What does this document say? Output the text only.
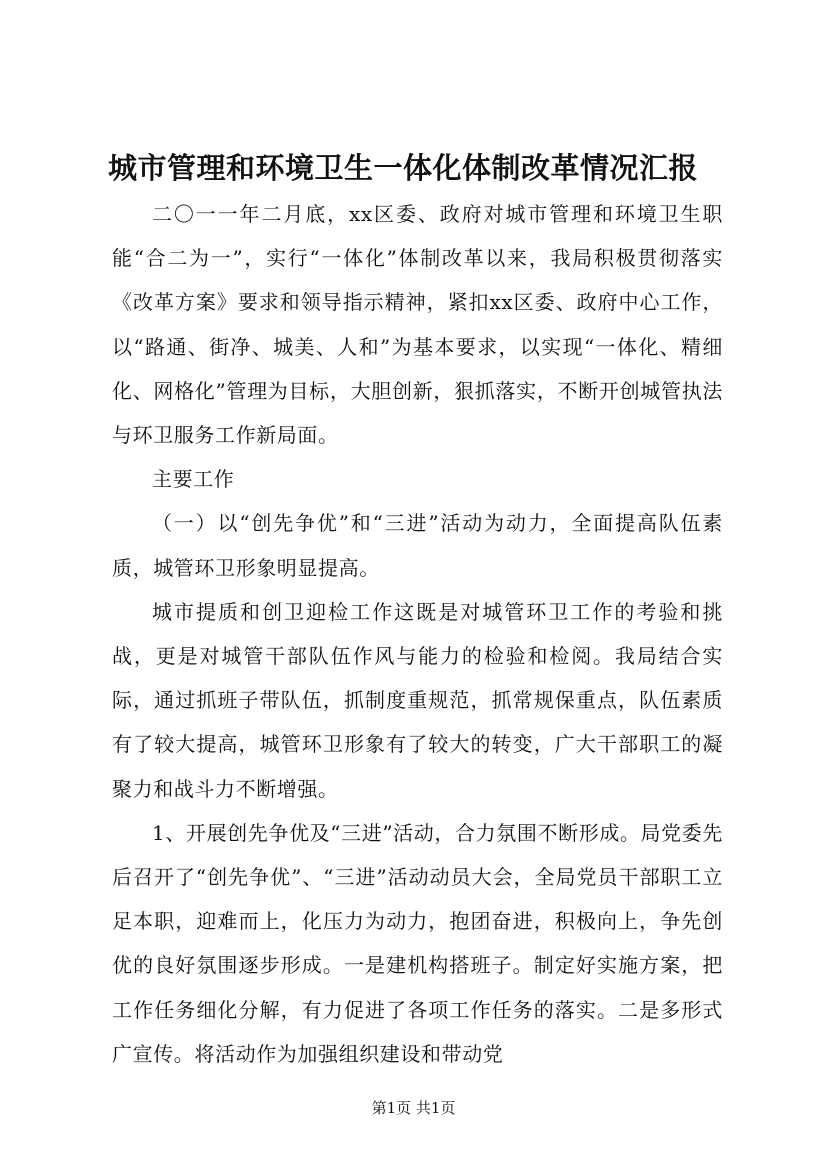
城市管理和环境卫生一体化体制改革情况汇报

二〇一一年二月底，xx区委、政府对城市管理和环境卫生职能“合二为一”，实行“一体化”体制改革以来，我局积极贯彻落实《改革方案》要求和领导指示精神，紧扣xx区委、政府中心工作，以“路通、街净、城美、人和”为基本要求，以实现“一体化、精细化、网格化”管理为目标，大胆创新，狠抓落实，不断开创城管执法与环卫服务工作新局面。

主要工作

（一）以“创先争优”和“三进”活动为动力，全面提高队伍素质，城管环卫形象明显提高。

城市提质和创卫迎检工作这既是对城管环卫工作的考验和挑战，更是对城管干部队伍作风与能力的检验和检阅。我局结合实际，通过抓班子带队伍，抓制度重规范，抓常规保重点，队伍素质有了较大提高，城管环卫形象有了较大的转变，广大干部职工的凝聚力和战斗力不断增强。

1、开展创先争优及“三进”活动，合力氛围不断形成。局党委先后召开了“创先争优”、“三进”活动动员大会，全局党员干部职工立足本职，迎难而上，化压力为动力，抱团奋进，积极向上，争先创优的良好氛围逐步形成。一是建机构搭班子。制定好实施方案，把工作任务细化分解，有力促进了各项工作任务的落实。二是多形式广宣传。将活动作为加强组织建设和带动党

第1页 共1页
